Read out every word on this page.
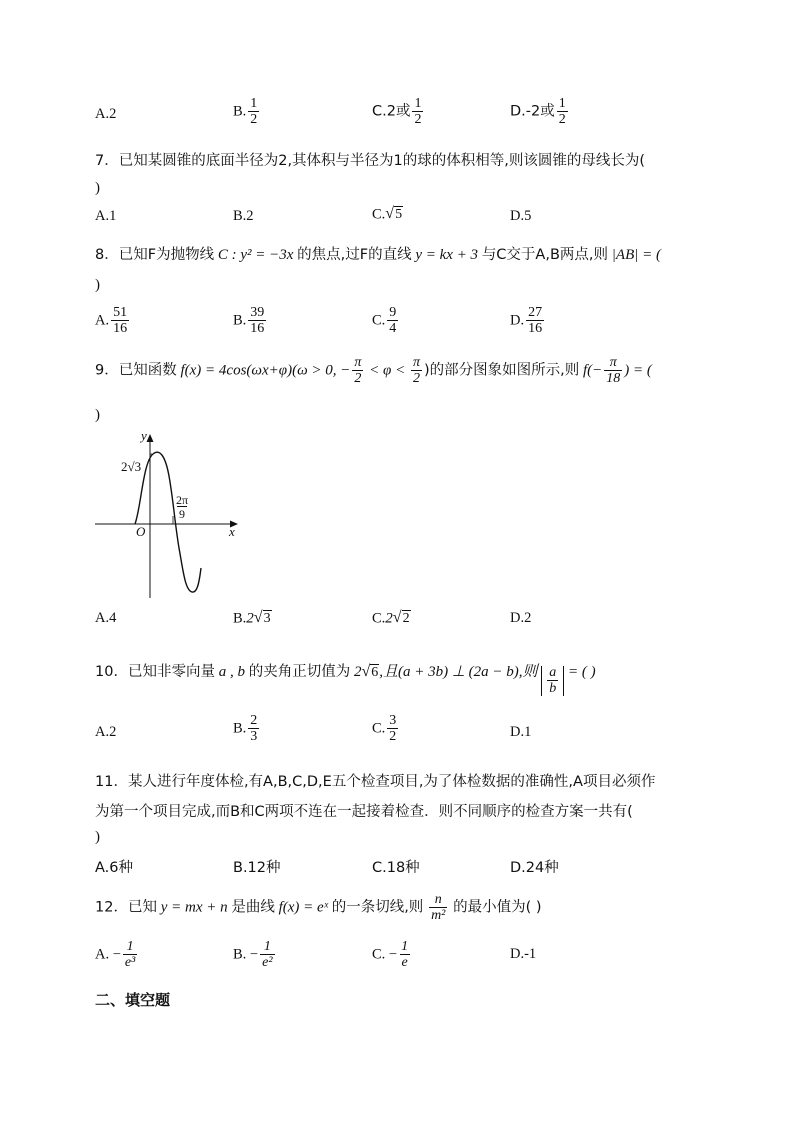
A.2	B. $\frac{1}{2}$	C.2或 $\frac{1}{2}$	D.-2或 $\frac{1}{2}$
7．已知某圆锥的底面半径为2,其体积与半径为1的球的体积相等,则该圆锥的母线长为(
)
A.1	B.2	C. √ 5	D.5
8．已知F为抛物线 C : y² = −3x 的焦点,过F的直线 y = kx + 3 与C交于A,B两点,则 |AB| = (
)
A. $\frac{51}{16}$	B. $\frac{39}{16}$	C. $\frac{9}{4}$	D. $\frac{27}{16}$
9．已知函数 f(x) = 4cos(ωx+φ)(ω > 0, − $\frac{\pi}{2} < \varphi < \frac{\pi}{2}$ )的部分图象如图所示,则 $f(- \frac{\pi}{18}$ ) = (
)
y
x
O
2√3
$\frac{2\pi}{9}$
A.4	B.2 √ 3	C.2 √ 2	D.2
10．已知非零向量 a , b 的夹角正切值为 2 √ 6 ,且(a + 3b) ⊥ (2a − b),则 $\frac{a}{b}$ = ( )
A.2	B. $\frac{2}{3}$	C. $\frac{3}{2}$	D.1
11．某人进行年度体检,有A,B,C,D,E五个检查项目,为了体检数据的准确性,A项目必须作
为第一个项目完成,而B和C两项不连在一起接着检查．则不同顺序的检查方案一共有(
)
A.6种	B.12种	C.18种	D.24种
12．已知 y = mx + n 是曲线 f(x) = eˣ 的一条切线,则 $\frac{n}{\text{m²}}$ 的最小值为( )
A. − $\frac{1}{\text{e³}}$	B. − $\frac{1}{\text{e²}}$	C. − $\frac{1}{e}$	D.-1
二、填空题
